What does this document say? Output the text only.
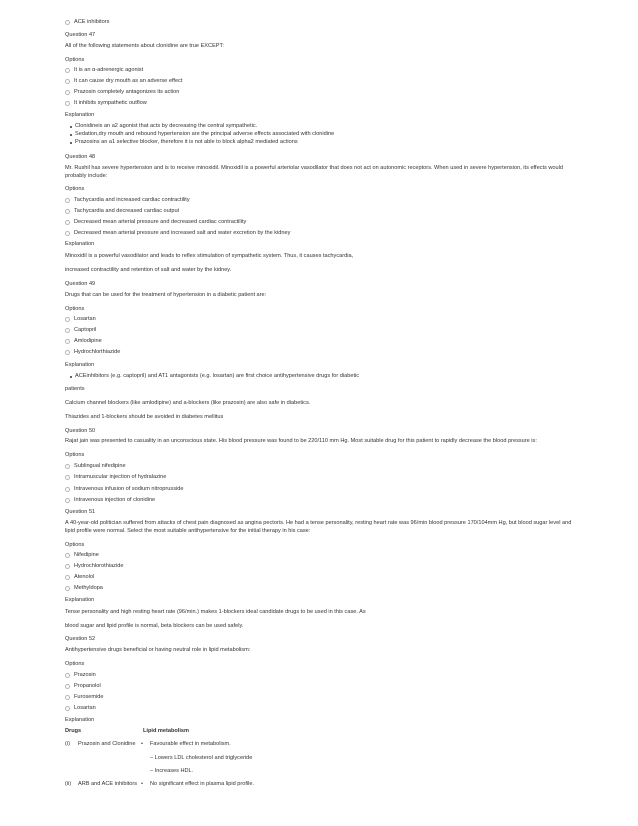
ACE inhibitors
Question 47
All of the following statements about clonidine are true EXCEPT:
Options
It is an α-adrenergic agonist
It can cause dry mouth as an adverse effect
Prazosin completely antagonizes its action
It inhibits sympathetic outflow
Explanation
Clonidineis an a2 agonist that acts by decreasing the central sympathetic.
Sedation,dry mouth and rebound hypertension are the principal adverse effects associated with clonidine
Prazosins an a1 selective blocker, therefore it is not able to block alpha2 mediated actions
Question 48
Mr. Rushil has severe hypertension and is to receive minoxidil. Minoxidil is a powerful arteriolar vasodilator that does not act on autonomic receptors. When used in severe hypertension, its effects would probably include:
Options
Tachycardia and increased cardiac contractility
Tachycardia and decreased cardiac output
Decreased mean arterial pressure and decreased cardiac contractility
Decreased mean arterial pressure and increased salt and water excretion by the kidney
Explanation
Minoxidil is a powerful vasodilator and leads to reflex stimulation of sympathetic system. Thus, it causes tachycardia,
increased contractility and retention of salt and water by the kidney.
Question 49
Drugs that can be used for the treatment of hypertension in a diabetic patient are:
Options
Losartan
Captopril
Amlodipine
Hydrochlorthiazide
Explanation
ACEinhibitors (e.g. captopril) and AT1 antagonists (e.g. losartan) are first choice antihypertensive drugs for diabetic
patients
Calcium channel blockers (like amlodipine) and a-blockers (like prazosin) are also safe in diabetics.
Thiazides and 1-blockers should be avoided in diabetes mellitus
Question 50
Rajat jain was presented to casuality in an unconscious state. His blood pressure was found to be 220/110 mm Hg. Most suitable drug for this patient to rapidly decrease the blood pressure is:
Options
Sublingual nifedipine
Intramuscular injection of hydralazine
Intravenous infusion of sodium nitroprusside
Intravenous injection of clonidine
Question 51
A 40-year-old politician suffered from attacks of chest pain diagnosed as angina pectoris. He had a tense personality, resting heart rate was 96/min blood pressure 170/104mm Hg, but blood sugar level and lipid profile were normal. Select the most suitable antihypertensive for the initial therapy in his case:
Options
Nifedipine
Hydrochlorothiazide
Atenolol
Methyldopa
Explanation
Tense personality and high resting heart rate (96/min.) makes 1-blockers ideal candidate drugs to be used in this case. As
blood sugar and lipid profile is normal, beta blockers can be used safely.
Question 52
Antihypertensive drugs beneficial or having neutral role in lipid metabolism:
Options
Prazosin
Propanolol
Furosemide
Losartan
Explanation
Drugs	Lipid metabolism
(i) Prazosin and Clonidine • Favourable effect in metabolism.
– Lowers LDL cholesterol and triglyceride
– Increases HDL.
(ii) ARB and ACE inhibitors • No significant effect in plasma lipid profile.
